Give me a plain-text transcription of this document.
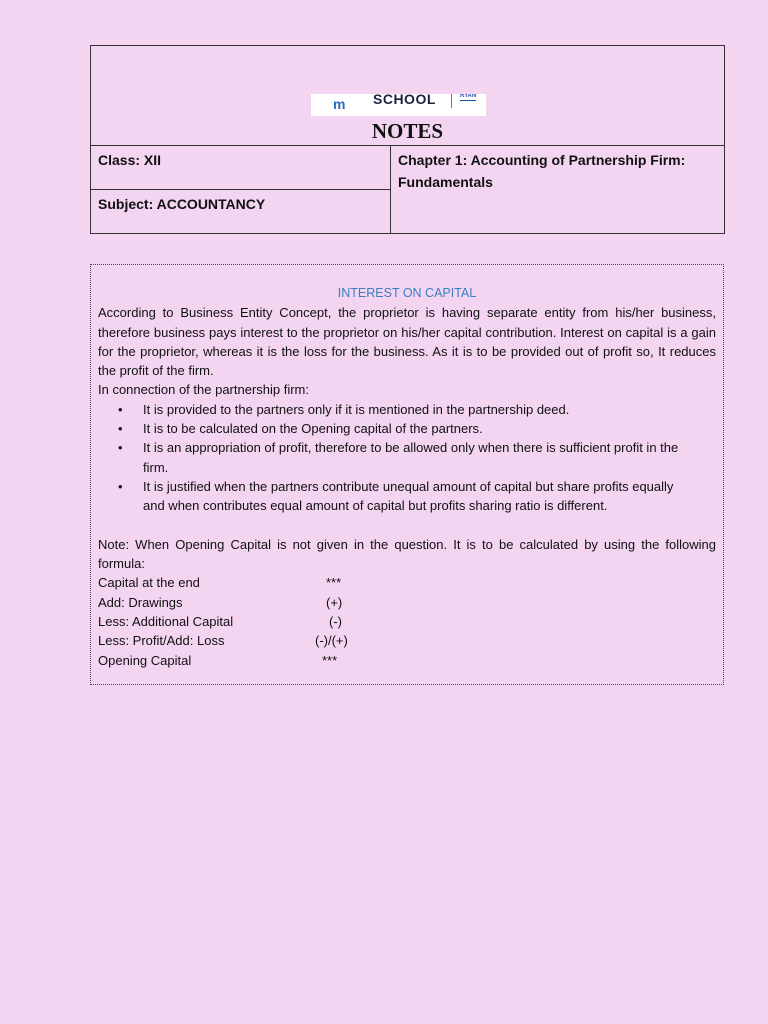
m SCHOOL	RYAN
NOTES
Class: XII
Subject: ACCOUNTANCY
Chapter 1: Accounting of Partnership Firm: Fundamentals

INTEREST ON CAPITAL

According to Business Entity Concept, the proprietor is having separate entity from his/her business, therefore business pays interest to the proprietor on his/her capital contribution. Interest on capital is a gain for the proprietor, whereas it is the loss for the business. As it is to be provided out of profit so, It reduces the profit of the firm.

In connection of the partnership firm:

• It is provided to the partners only if it is mentioned in the partnership deed.
• It is to be calculated on the Opening capital of the partners.
• It is an appropriation of profit, therefore to be allowed only when there is sufficient profit in the firm.
• It is justified when the partners contribute unequal amount of capital but share profits equally and when contributes equal amount of capital but profits sharing ratio is different.

Note: When Opening Capital is not given in the question. It is to be calculated by using the following formula:

Capital at the end	***
Add: Drawings	(+)
Less: Additional Capital	(-)
Less: Profit/Add: Loss	(-)/(+)
Opening Capital	***
